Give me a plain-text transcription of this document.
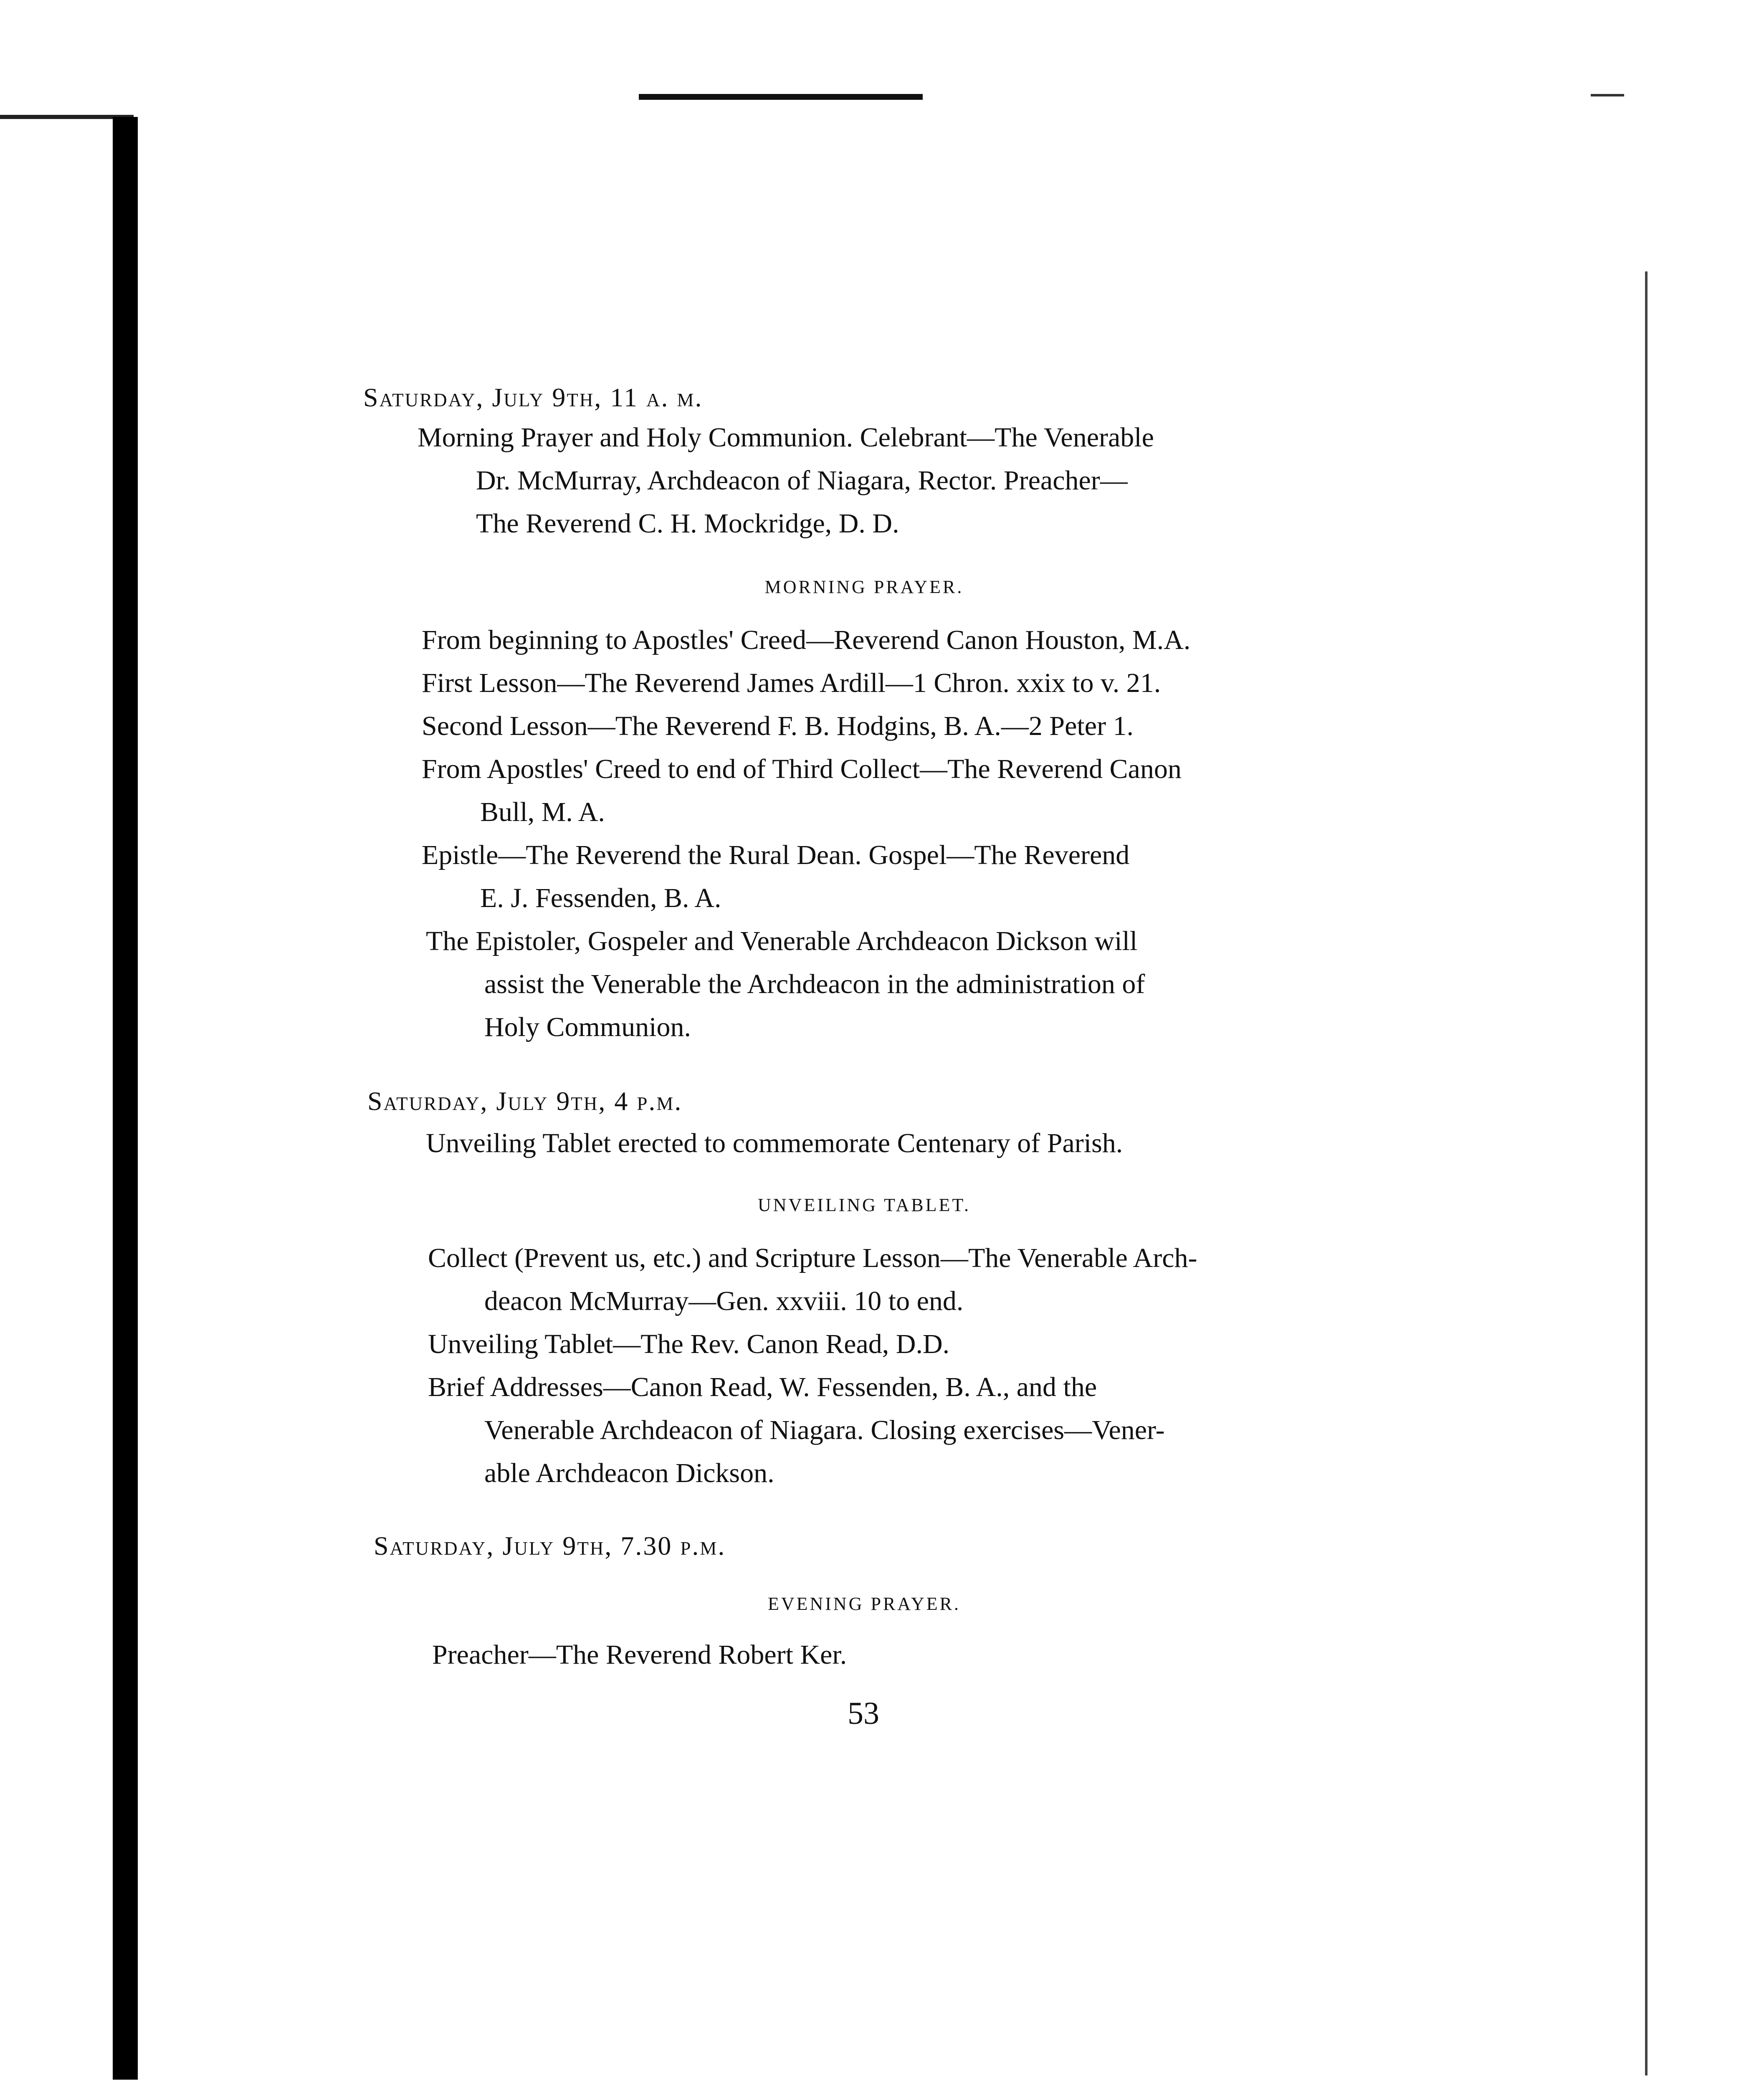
Saturday, July 9th, 11 a. m.
Morning Prayer and Holy Communion. Celebrant—The Venerable
Dr. McMurray, Archdeacon of Niagara, Rector. Preacher—
The Reverend C. H. Mockridge, D. D.
MORNING PRAYER.
From beginning to Apostles' Creed—Reverend Canon Houston, M.A.
First Lesson—The Reverend James Ardill—1 Chron. xxix to v. 21.
Second Lesson—The Reverend F. B. Hodgins, B. A.—2 Peter 1.
From Apostles' Creed to end of Third Collect—The Reverend Canon
Bull, M. A.
Epistle—The Reverend the Rural Dean. Gospel—The Reverend
E. J. Fessenden, B. A.
The Epistoler, Gospeler and Venerable Archdeacon Dickson will
assist the Venerable the Archdeacon in the administration of
Holy Communion.
Saturday, July 9th, 4 p.m.
Unveiling Tablet erected to commemorate Centenary of Parish.
UNVEILING TABLET.
Collect (Prevent us, etc.) and Scripture Lesson—The Venerable Arch-
deacon McMurray—Gen. xxviii. 10 to end.
Unveiling Tablet—The Rev. Canon Read, D.D.
Brief Addresses—Canon Read, W. Fessenden, B. A., and the
Venerable Archdeacon of Niagara. Closing exercises—Vener-
able Archdeacon Dickson.
Saturday, July 9th, 7.30 p.m.
EVENING PRAYER.
Preacher—The Reverend Robert Ker.
53
